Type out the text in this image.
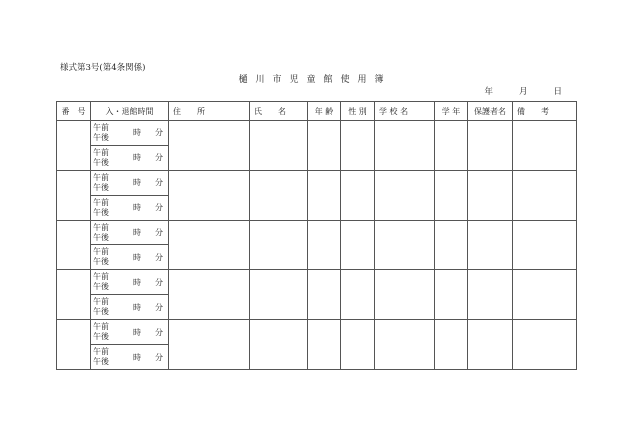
様式第3号(第4条関係)
樋川市児童館使用簿
年	月	日
番　号	入・退館時間	住　　所	氏　　名	年 齢	性 別	学 校 名	学 年	保護者名	備　　考

	午前
午後 時 分								

	午前
午後 時 分								

	午前
午後 時 分								

	午前
午後 時 分								

	午前
午後 時 分								

	午前
午後 時 分								

	午前
午後 時 分								

	午前
午後 時 分								

	午前
午後 時 分								

	午前
午後 時 分								
